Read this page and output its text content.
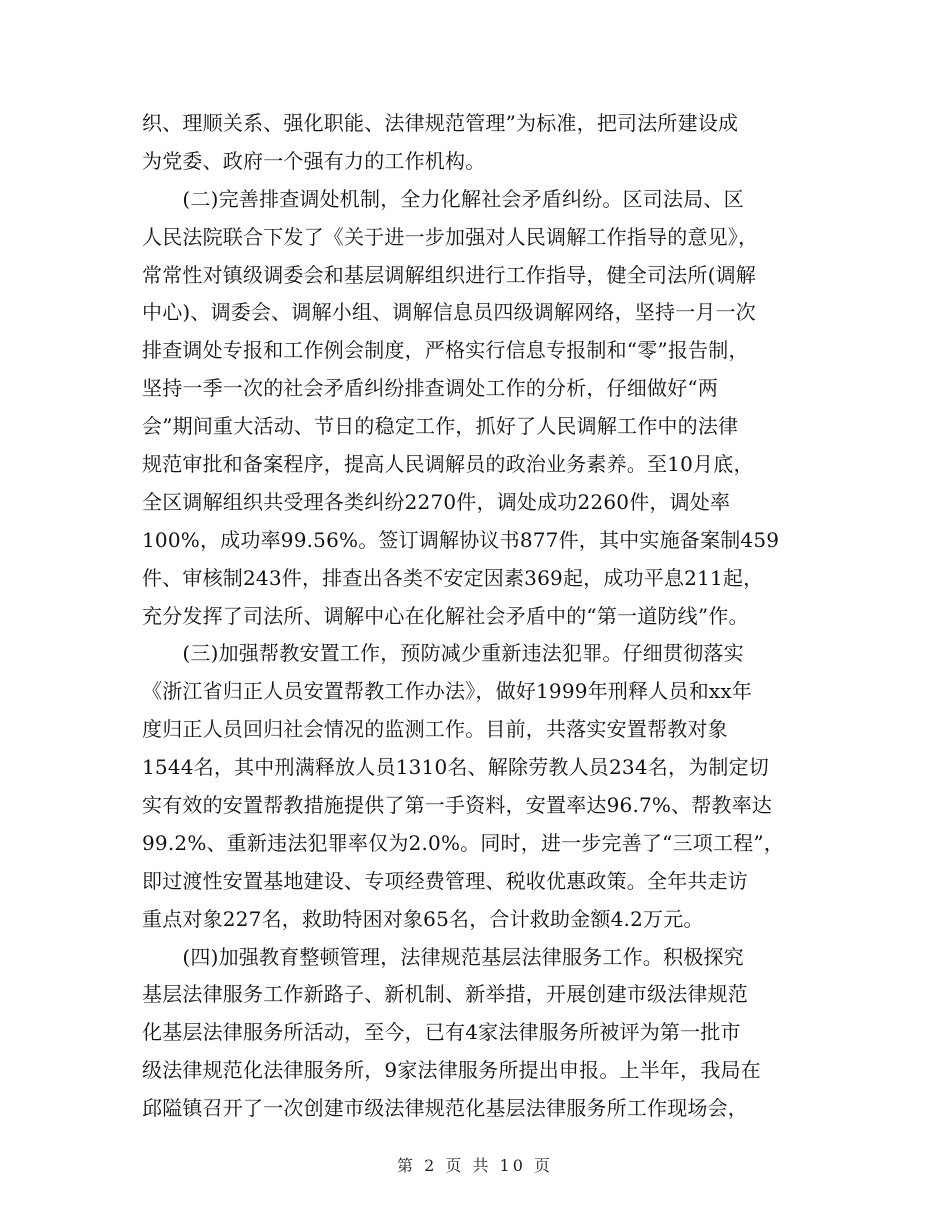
织、理顺关系、强化职能、法律规范管理”为标准，把司法所建设成
为党委、政府一个强有力的工作机构。
　　(二)完善排查调处机制，全力化解社会矛盾纠纷。区司法局、区
人民法院联合下发了《关于进一步加强对人民调解工作指导的意见》，
常常性对镇级调委会和基层调解组织进行工作指导，健全司法所(调解
中心)、调委会、调解小组、调解信息员四级调解网络，坚持一月一次
排查调处专报和工作例会制度，严格实行信息专报制和“零”报告制，
坚持一季一次的社会矛盾纠纷排查调处工作的分析，仔细做好“两
会”期间重大活动、节日的稳定工作，抓好了人民调解工作中的法律
规范审批和备案程序，提高人民调解员的政治业务素养。至10月底，
全区调解组织共受理各类纠纷2270件，调处成功2260件，调处率
100%，成功率99.56%。签订调解协议书877件，其中实施备案制459
件、审核制243件，排查出各类不安定因素369起，成功平息211起，
充分发挥了司法所、调解中心在化解社会矛盾中的“第一道防线”作。
　　(三)加强帮教安置工作，预防减少重新违法犯罪。仔细贯彻落实
《浙江省归正人员安置帮教工作办法》，做好1999年刑释人员和xx年
度归正人员回归社会情况的监测工作。目前，共落实安置帮教对象
1544名，其中刑满释放人员1310名、解除劳教人员234名，为制定切
实有效的安置帮教措施提供了第一手资料，安置率达96.7%、帮教率达
99.2%、重新违法犯罪率仅为2.0%。同时，进一步完善了“三项工程”，
即过渡性安置基地建设、专项经费管理、税收优惠政策。全年共走访
重点对象227名，救助特困对象65名，合计救助金额4.2万元。
　　(四)加强教育整顿管理，法律规范基层法律服务工作。积极探究
基层法律服务工作新路子、新机制、新举措，开展创建市级法律规范
化基层法律服务所活动，至今，已有4家法律服务所被评为第一批市
级法律规范化法律服务所，9家法律服务所提出申报。上半年，我局在
邱隘镇召开了一次创建市级法律规范化基层法律服务所工作现场会，
第 2 页 共 10 页
